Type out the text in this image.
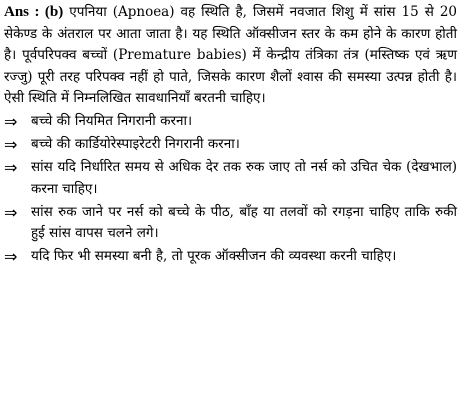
Ans : (b) एपनिया (Apnoea) वह स्थिति है, जिसमें नवजात शिशु में सांस 15 से 20 सेकेण्ड के अंतराल पर आता जाता है। यह स्थिति ऑक्सीजन स्तर के कम होने के कारण होती है। पूर्वपरिपक्व बच्चों (Premature babies) में केन्द्रीय तंत्रिका तंत्र (मस्तिष्क एवं ऋण रज्जु) पूरी तरह परिपक्व नहीं हो पाते, जिसके कारण शैलों श्वास की समस्या उत्पन्न होती है। ऐसी स्थिति में निम्नलिखित सावधानियाँ बरतनी चाहिए।

⇒	बच्चे की नियमित निगरानी करना।
⇒	बच्चे की कार्डियोरेस्पाइरेटरी निगरानी करना।
⇒	सांस यदि निर्धारित समय से अधिक देर तक रुक जाए तो नर्स को उचित चेक (देखभाल) करना चाहिए।
⇒	सांस रुक जाने पर नर्स को बच्चे के पीठ, बाँह या तलवों को रगड़ना चाहिए ताकि रुकी हुई सांस वापस चलने लगे।
⇒	यदि फिर भी समस्या बनी है, तो पूरक ऑक्सीजन की व्यवस्था करनी चाहिए।
